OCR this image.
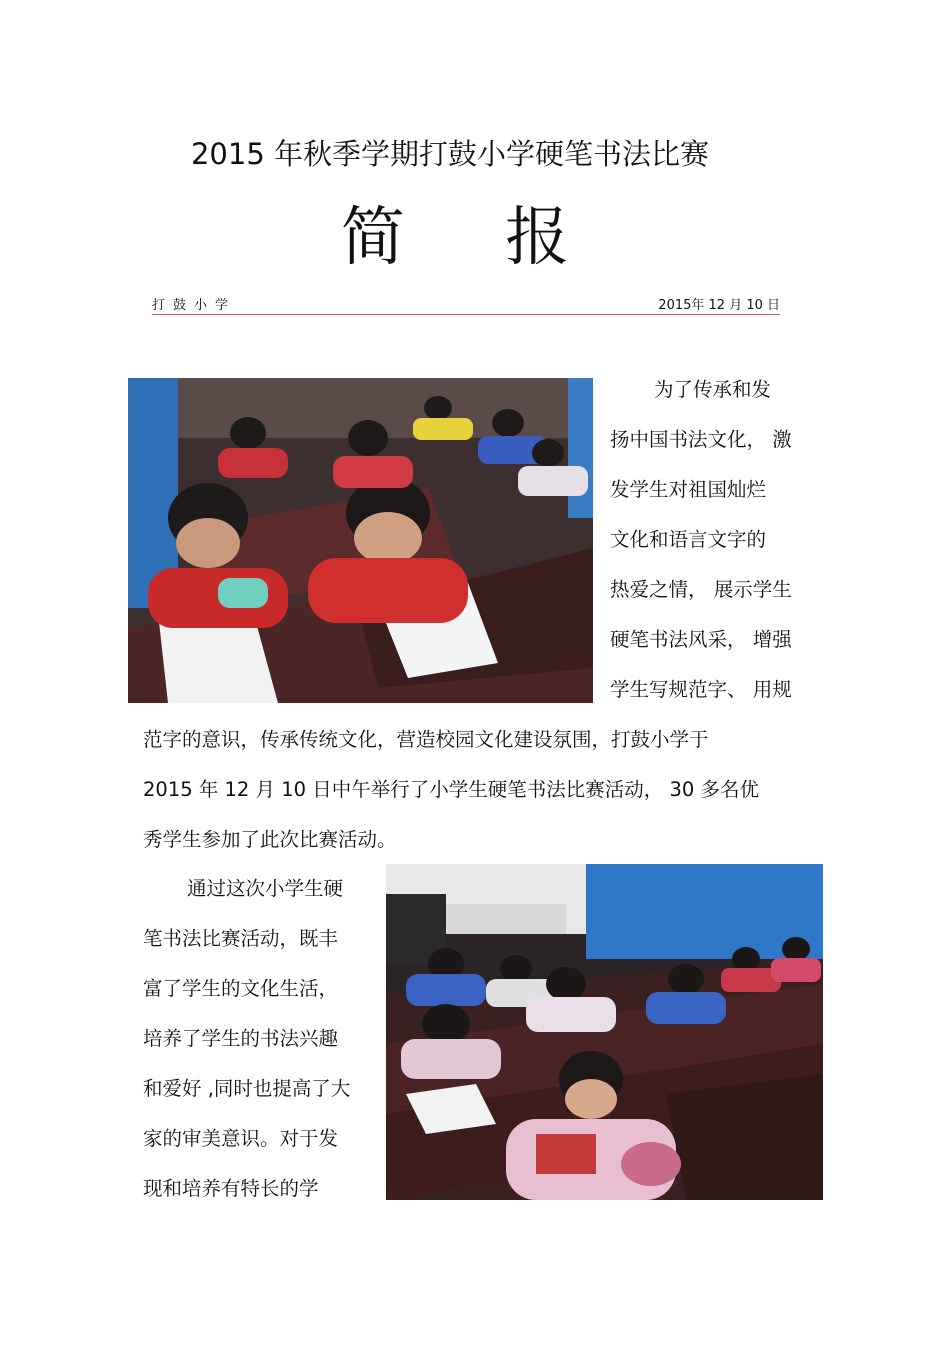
2015 年秋季学期打鼓小学硬笔书法比赛
简 报
打鼓小学	2015年 12 月 10 日
为了传承和发
扬中国书法文化， 激
发学生对祖国灿烂
文化和语言文字的
热爱之情， 展示学生
硬笔书法风采， 增强
学生写规范字、 用规
范字的意识，传承传统文化，营造校园文化建设氛围，打鼓小学于
2015 年 12 月 10 日中午举行了小学生硬笔书法比赛活动， 30 多名优
秀学生参加了此次比赛活动。
通过这次小学生硬
笔书法比赛活动，既丰
富了学生的文化生活，
培养了学生的书法兴趣
和爱好 ,同时也提高了大
家的审美意识。对于发
现和培养有特长的学
